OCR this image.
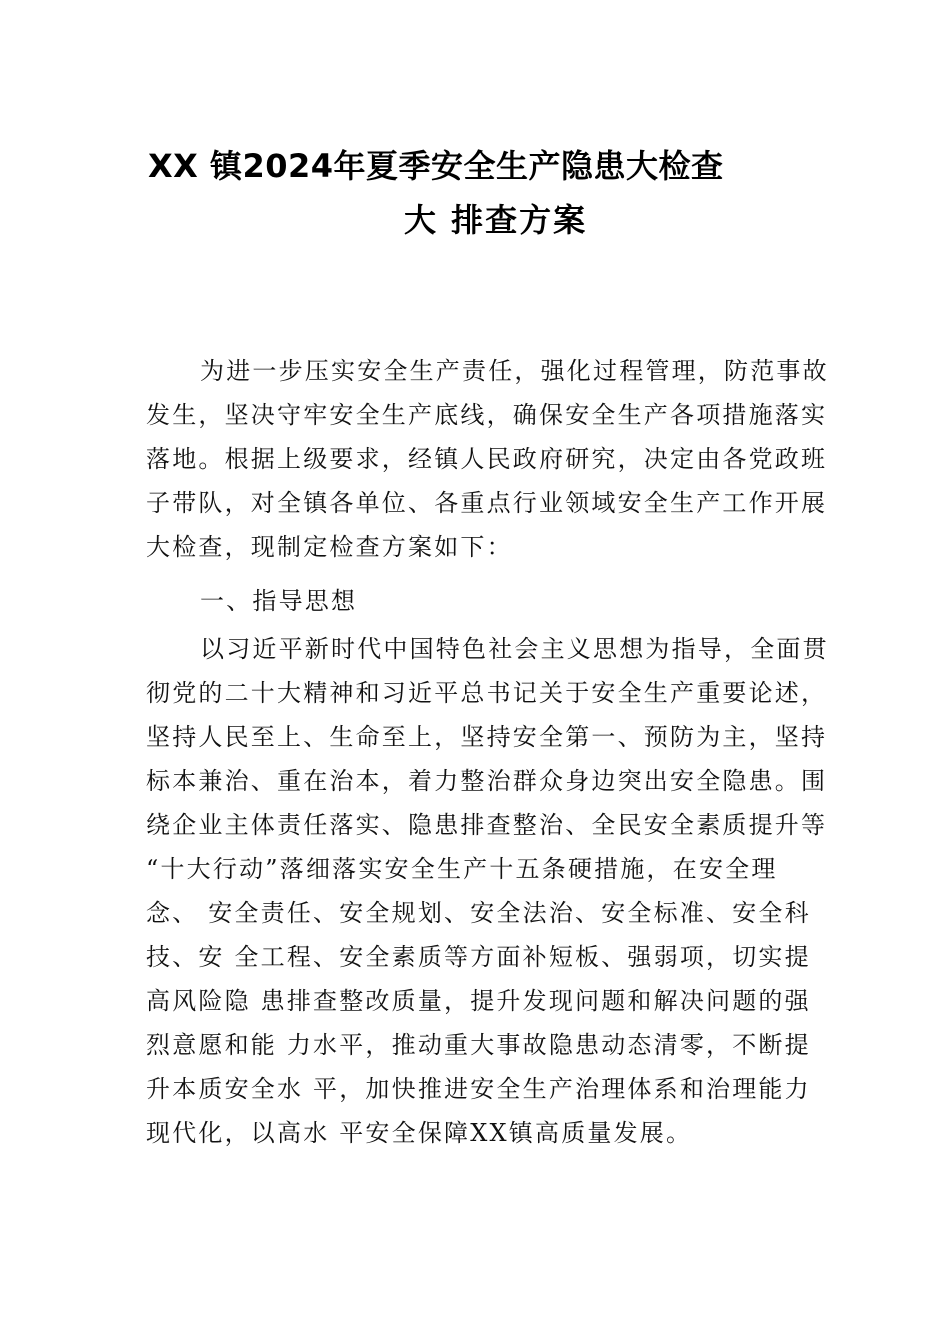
XX 镇2024年夏季安全生产隐患大检查
大 排查方案
为进一步压实安全生产责任，强化过程管理，防范事故
发生，坚决守牢安全生产底线，确保安全生产各项措施落实
落地。根据上级要求，经镇人民政府研究，决定由各党政班
子带队，对全镇各单位、各重点行业领域安全生产工作开展
大检查，现制定检查方案如下：
一、指导思想
以习近平新时代中国特色社会主义思想为指导，全面贯
彻党的二十大精神和习近平总书记关于安全生产重要论述，
坚持人民至上、生命至上，坚持安全第一、预防为主，坚持
标本兼治、重在治本，着力整治群众身边突出安全隐患。围
绕企业主体责任落实、隐患排查整治、全民安全素质提升等
“十大行动”落细落实安全生产十五条硬措施，在安全理
念、 安全责任、安全规划、安全法治、安全标准、安全科
技、安 全工程、安全素质等方面补短板、强弱项，切实提
高风险隐 患排查整改质量，提升发现问题和解决问题的强
烈意愿和能 力水平，推动重大事故隐患动态清零，不断提
升本质安全水 平，加快推进安全生产治理体系和治理能力
现代化，以高水 平安全保障XX镇高质量发展。
